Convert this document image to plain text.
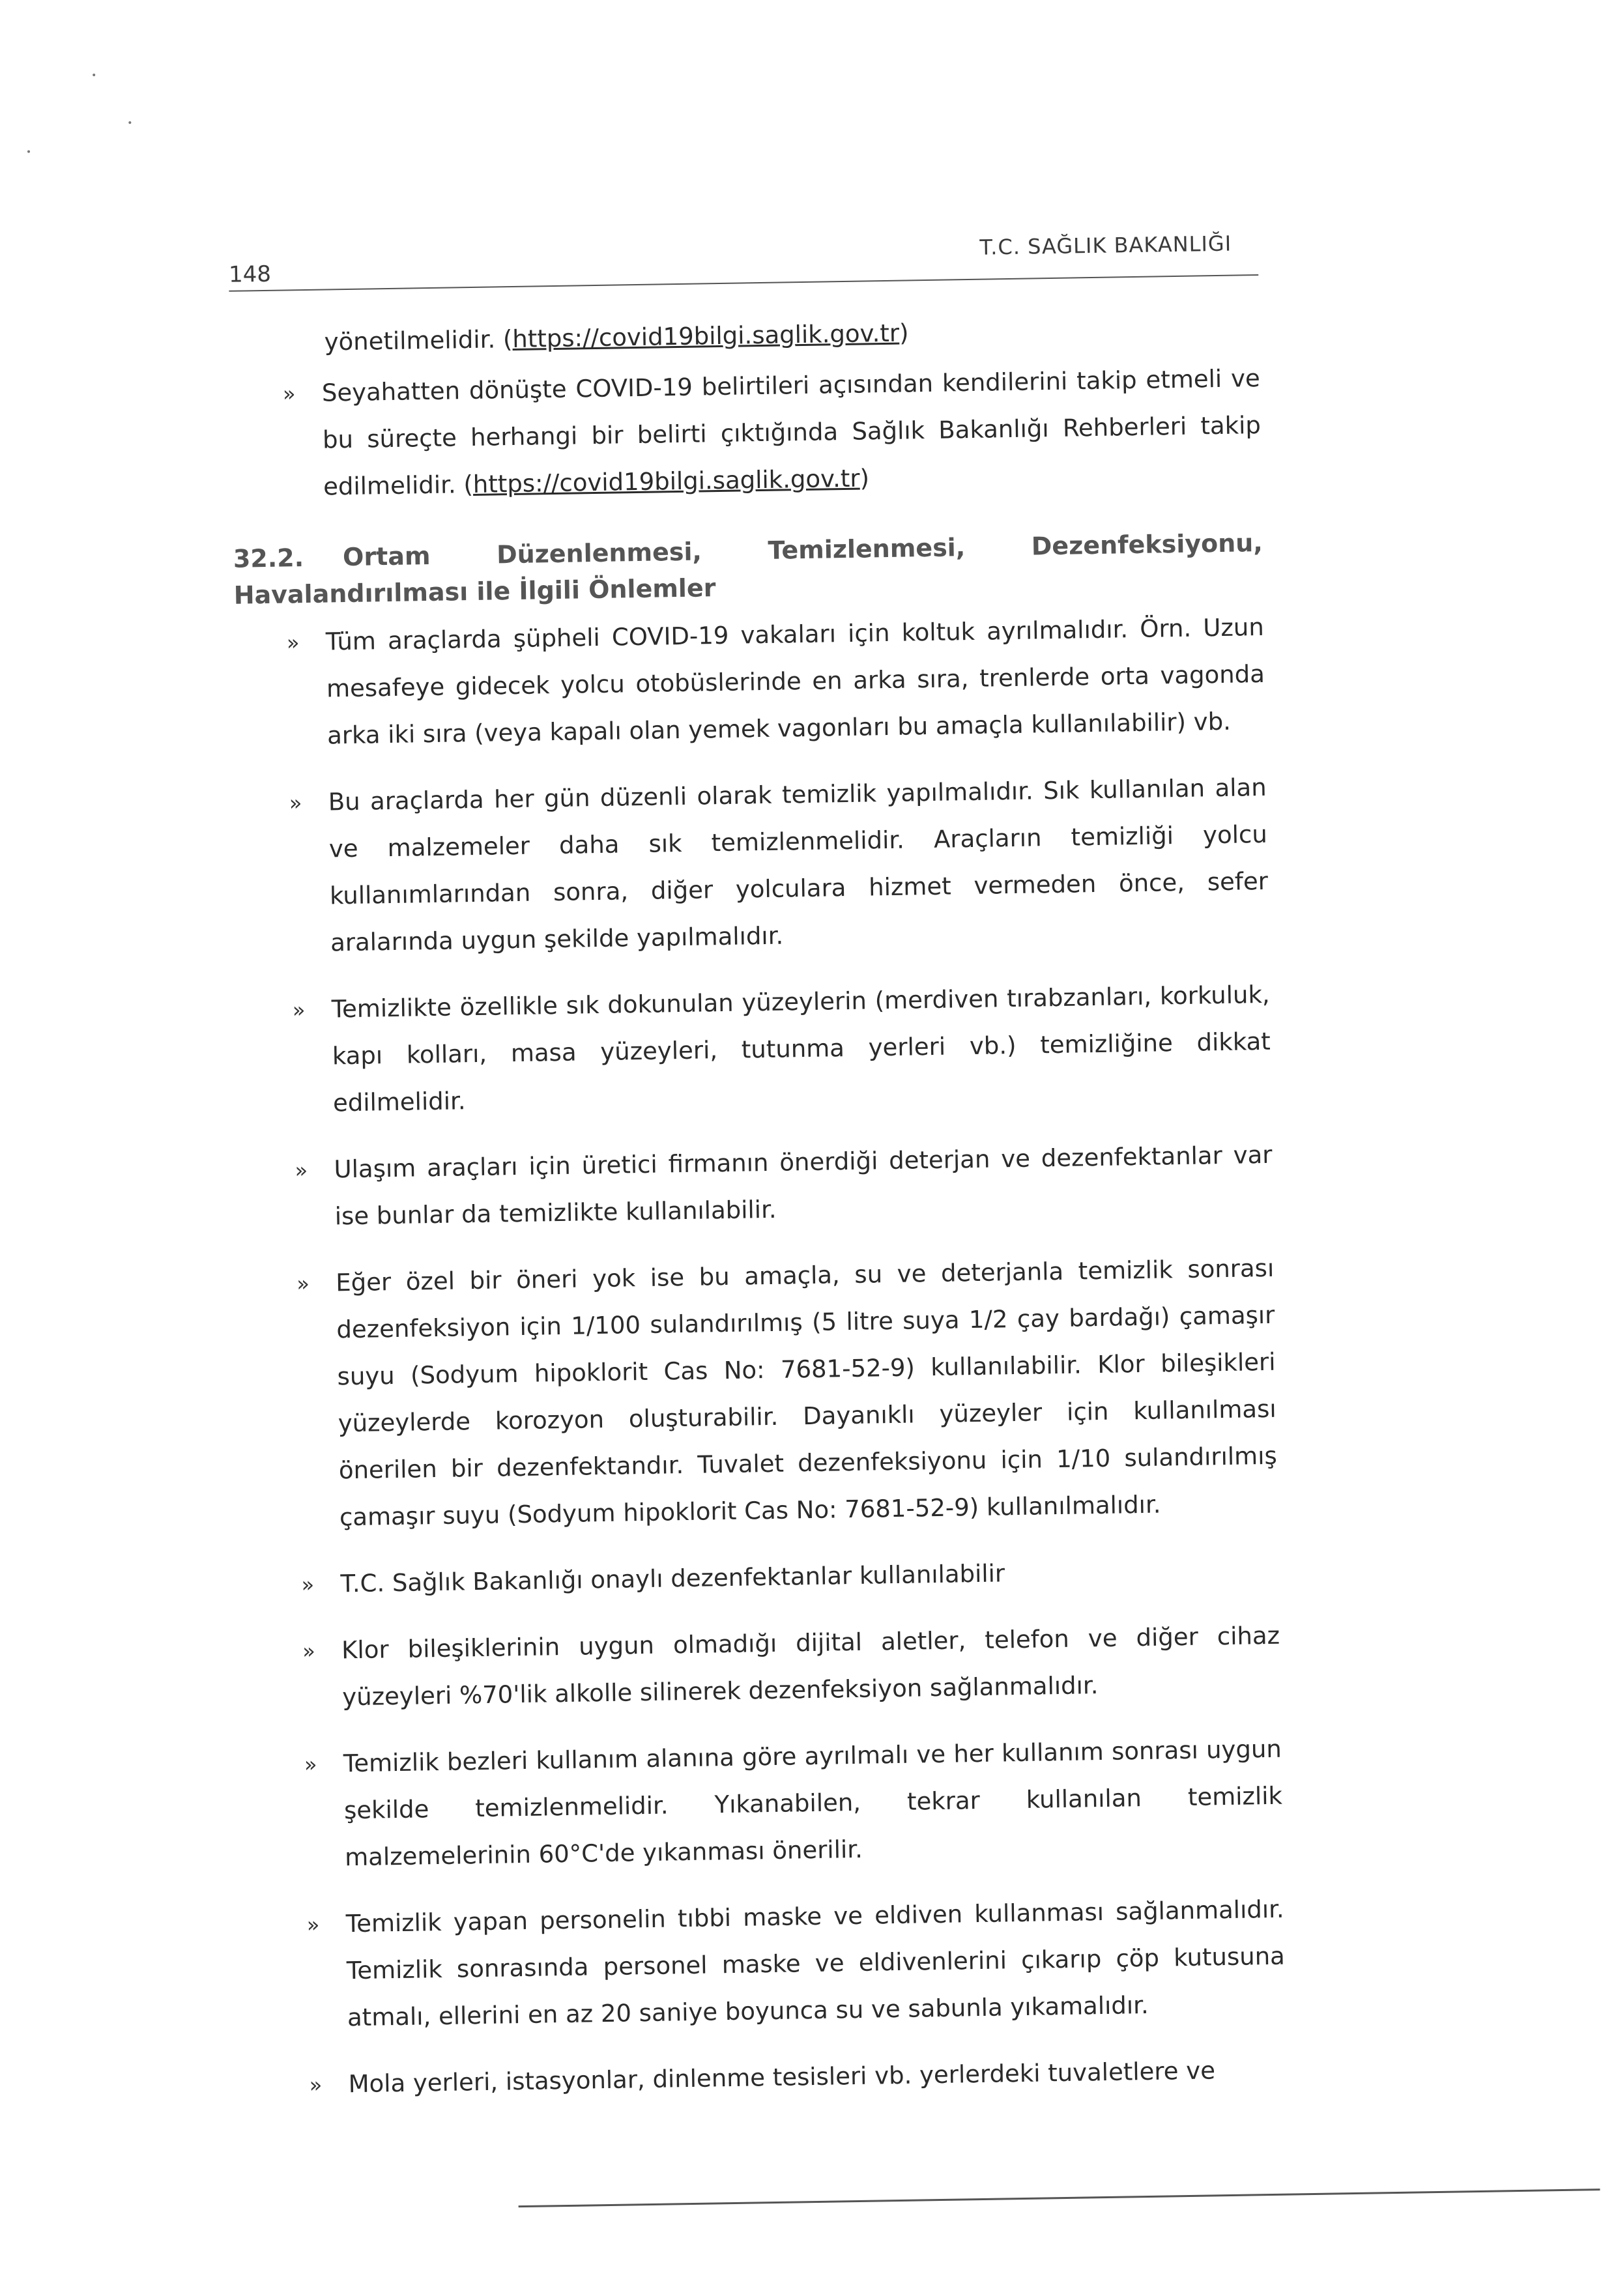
148
T.C. SAĞLIK BAKANLIĞI
yönetilmelidir. (https://covid19bilgi.saglik.gov.tr)
»	Seyahatten dönüşte COVID-19 belirtileri açısından kendilerini takip etmeli ve bu süreçte herhangi bir belirti çıktığında Sağlık Bakanlığı Rehberleri takip edilmelidir. (https://covid19bilgi.saglik.gov.tr)
32.2. Ortam Düzenlenmesi, Temizlenmesi, Dezenfeksiyonu, Havalandırılması ile İlgili Önlemler
»	Tüm araçlarda şüpheli COVID-19 vakaları için koltuk ayrılmalıdır. Örn. Uzun mesafeye gidecek yolcu otobüslerinde en arka sıra, trenlerde orta vagonda arka iki sıra (veya kapalı olan yemek vagonları bu amaçla kullanılabilir) vb.
»	Bu araçlarda her gün düzenli olarak temizlik yapılmalıdır. Sık kullanılan alan ve malzemeler daha sık temizlenmelidir. Araçların temizliği yolcu kullanımlarından sonra, diğer yolculara hizmet vermeden önce, sefer aralarında uygun şekilde yapılmalıdır.
»	Temizlikte özellikle sık dokunulan yüzeylerin (merdiven tırabzanları, korkuluk, kapı kolları, masa yüzeyleri, tutunma yerleri vb.) temizliğine dikkat edilmelidir.
»	Ulaşım araçları için üretici firmanın önerdiği deterjan ve dezenfektanlar var ise bunlar da temizlikte kullanılabilir.
»	Eğer özel bir öneri yok ise bu amaçla, su ve deterjanla temizlik sonrası dezenfeksiyon için 1/100 sulandırılmış (5 litre suya 1/2 çay bardağı) çamaşır suyu (Sodyum hipoklorit Cas No: 7681-52-9) kullanılabilir. Klor bileşikleri yüzeylerde korozyon oluşturabilir. Dayanıklı yüzeyler için kullanılması önerilen bir dezenfektandır. Tuvalet dezenfeksiyonu için 1/10 sulandırılmış çamaşır suyu (Sodyum hipoklorit Cas No: 7681-52-9) kullanılmalıdır.
»	T.C. Sağlık Bakanlığı onaylı dezenfektanlar kullanılabilir
»	Klor bileşiklerinin uygun olmadığı dijital aletler, telefon ve diğer cihaz yüzeyleri %70'lik alkolle silinerek dezenfeksiyon sağlanmalıdır.
»	Temizlik bezleri kullanım alanına göre ayrılmalı ve her kullanım sonrası uygun şekilde temizlenmelidir. Yıkanabilen, tekrar kullanılan temizlik malzemelerinin 60°C'de yıkanması önerilir.
»	Temizlik yapan personelin tıbbi maske ve eldiven kullanması sağlanmalıdır. Temizlik sonrasında personel maske ve eldivenlerini çıkarıp çöp kutusuna atmalı, ellerini en az 20 saniye boyunca su ve sabunla yıkamalıdır.
»	Mola yerleri, istasyonlar, dinlenme tesisleri vb. yerlerdeki tuvaletlere ve
